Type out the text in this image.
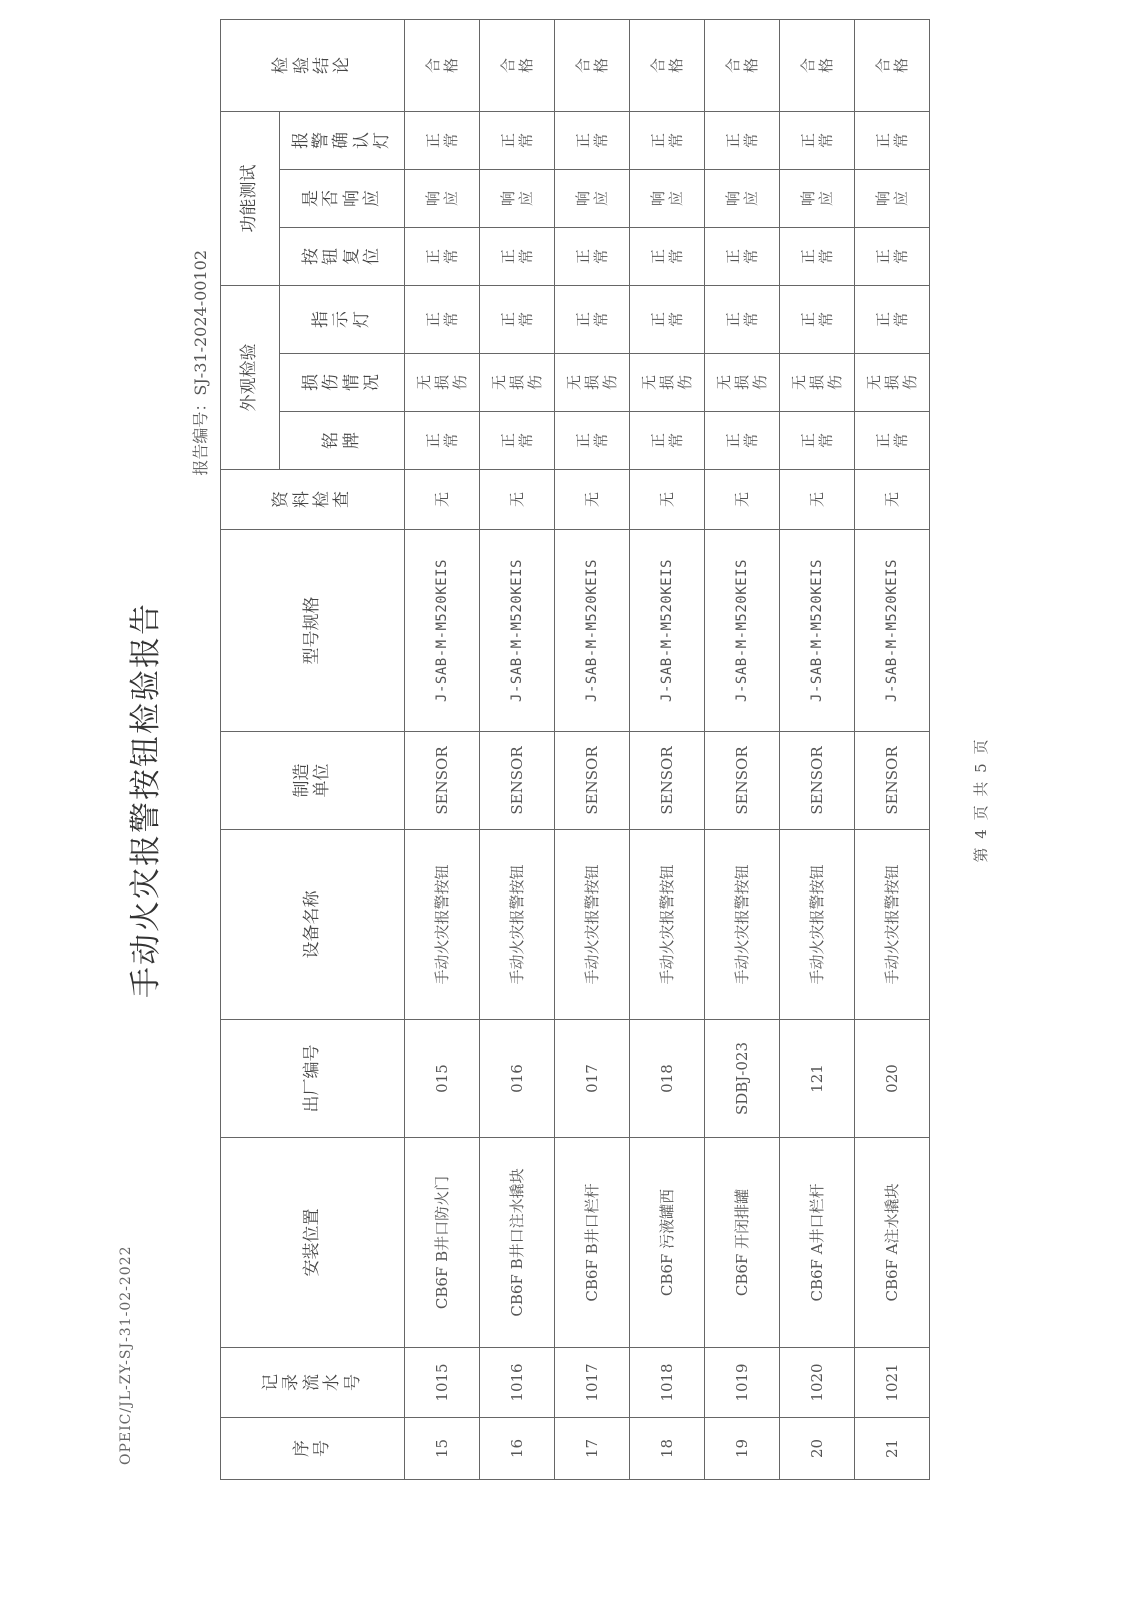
OPEIC/JL-ZY-SJ-31-02-2022
手动火灾报警按钮检验报告
报告编号：SJ-31-2024-00102
序号	记录流水号	安装位置	出厂编号	设备名称	制造单位	型号规格	资料检查	外观检验			功能测试			检验结论
								铭牌	损伤情况	指示灯	按钮复位	是否响应	报警确认灯	
15	1015	CB6F B井口防火门	015	手动火灾报警按钮	SENSOR	J-SAB-M-M520KEIS	无	正常	无损伤	正常	正常	响应	正常	合格
16	1016	CB6F B井口注水撬块	016	手动火灾报警按钮	SENSOR	J-SAB-M-M520KEIS	无	正常	无损伤	正常	正常	响应	正常	合格
17	1017	CB6F B井口栏杆	017	手动火灾报警按钮	SENSOR	J-SAB-M-M520KEIS	无	正常	无损伤	正常	正常	响应	正常	合格
18	1018	CB6F 污液罐西	018	手动火灾报警按钮	SENSOR	J-SAB-M-M520KEIS	无	正常	无损伤	正常	正常	响应	正常	合格
19	1019	CB6F 开闭排罐	SDBJ-023	手动火灾报警按钮	SENSOR	J-SAB-M-M520KEIS	无	正常	无损伤	正常	正常	响应	正常	合格
20	1020	CB6F A井口栏杆	121	手动火灾报警按钮	SENSOR	J-SAB-M-M520KEIS	无	正常	无损伤	正常	正常	响应	正常	合格
21	1021	CB6F A注水撬块	020	手动火灾报警按钮	SENSOR	J-SAB-M-M520KEIS	无	正常	无损伤	正常	正常	响应	正常	合格
第 4 页 共 5 页
